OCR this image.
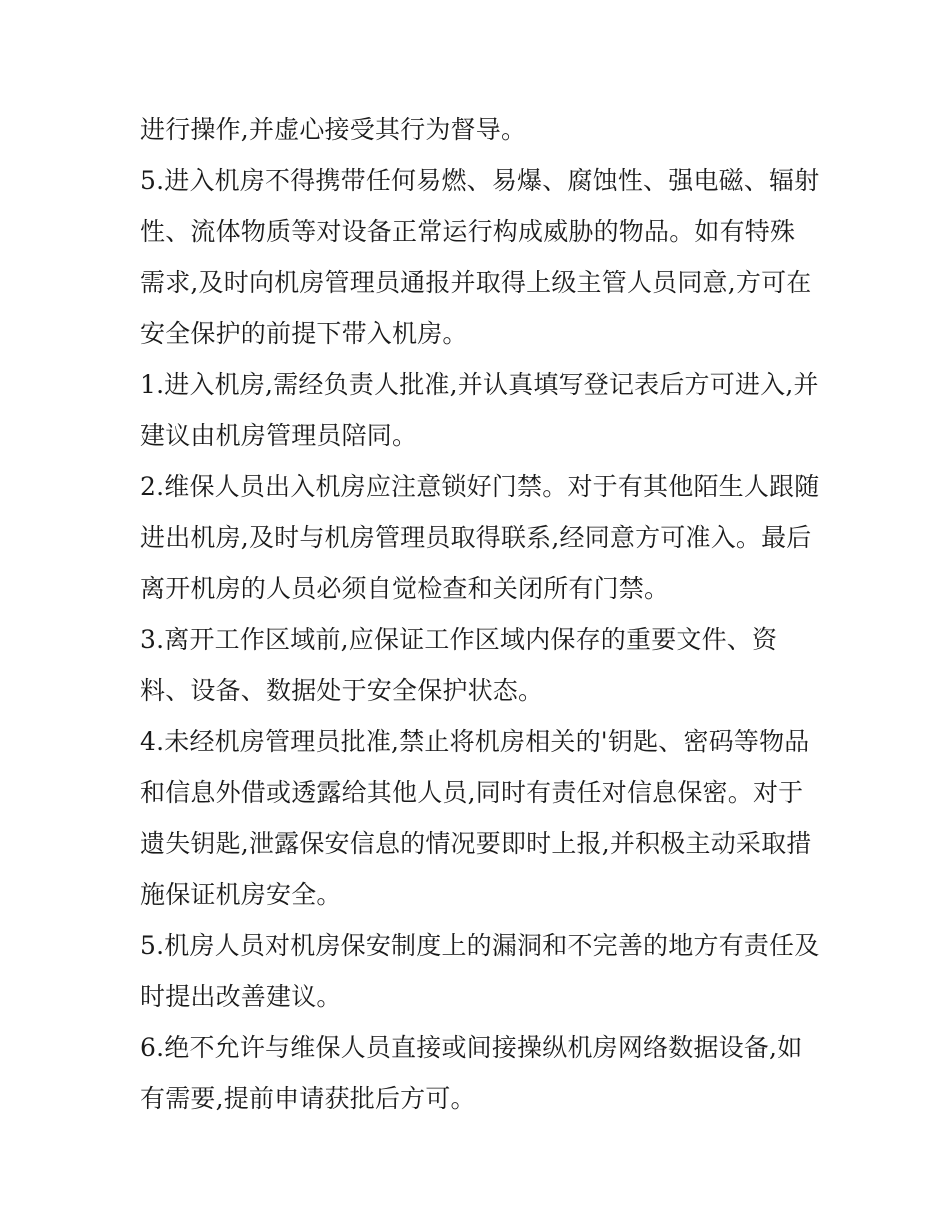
进行操作,并虚心接受其行为督导。

5.进入机房不得携带任何易燃、易爆、腐蚀性、强电磁、辐射性、流体物质等对设备正常运行构成威胁的物品。如有特殊需求,及时向机房管理员通报并取得上级主管人员同意,方可在安全保护的前提下带入机房。

1.进入机房,需经负责人批准,并认真填写登记表后方可进入,并建议由机房管理员陪同。

2.维保人员出入机房应注意锁好门禁。对于有其他陌生人跟随进出机房,及时与机房管理员取得联系,经同意方可准入。最后离开机房的人员必须自觉检查和关闭所有门禁。

3.离开工作区域前,应保证工作区域内保存的重要文件、资料、设备、数据处于安全保护状态。

4.未经机房管理员批准,禁止将机房相关的'钥匙、密码等物品和信息外借或透露给其他人员,同时有责任对信息保密。对于遗失钥匙,泄露保安信息的情况要即时上报,并积极主动采取措施保证机房安全。

5.机房人员对机房保安制度上的漏洞和不完善的地方有责任及时提出改善建议。

6.绝不允许与维保人员直接或间接操纵机房网络数据设备,如有需要,提前申请获批后方可。
